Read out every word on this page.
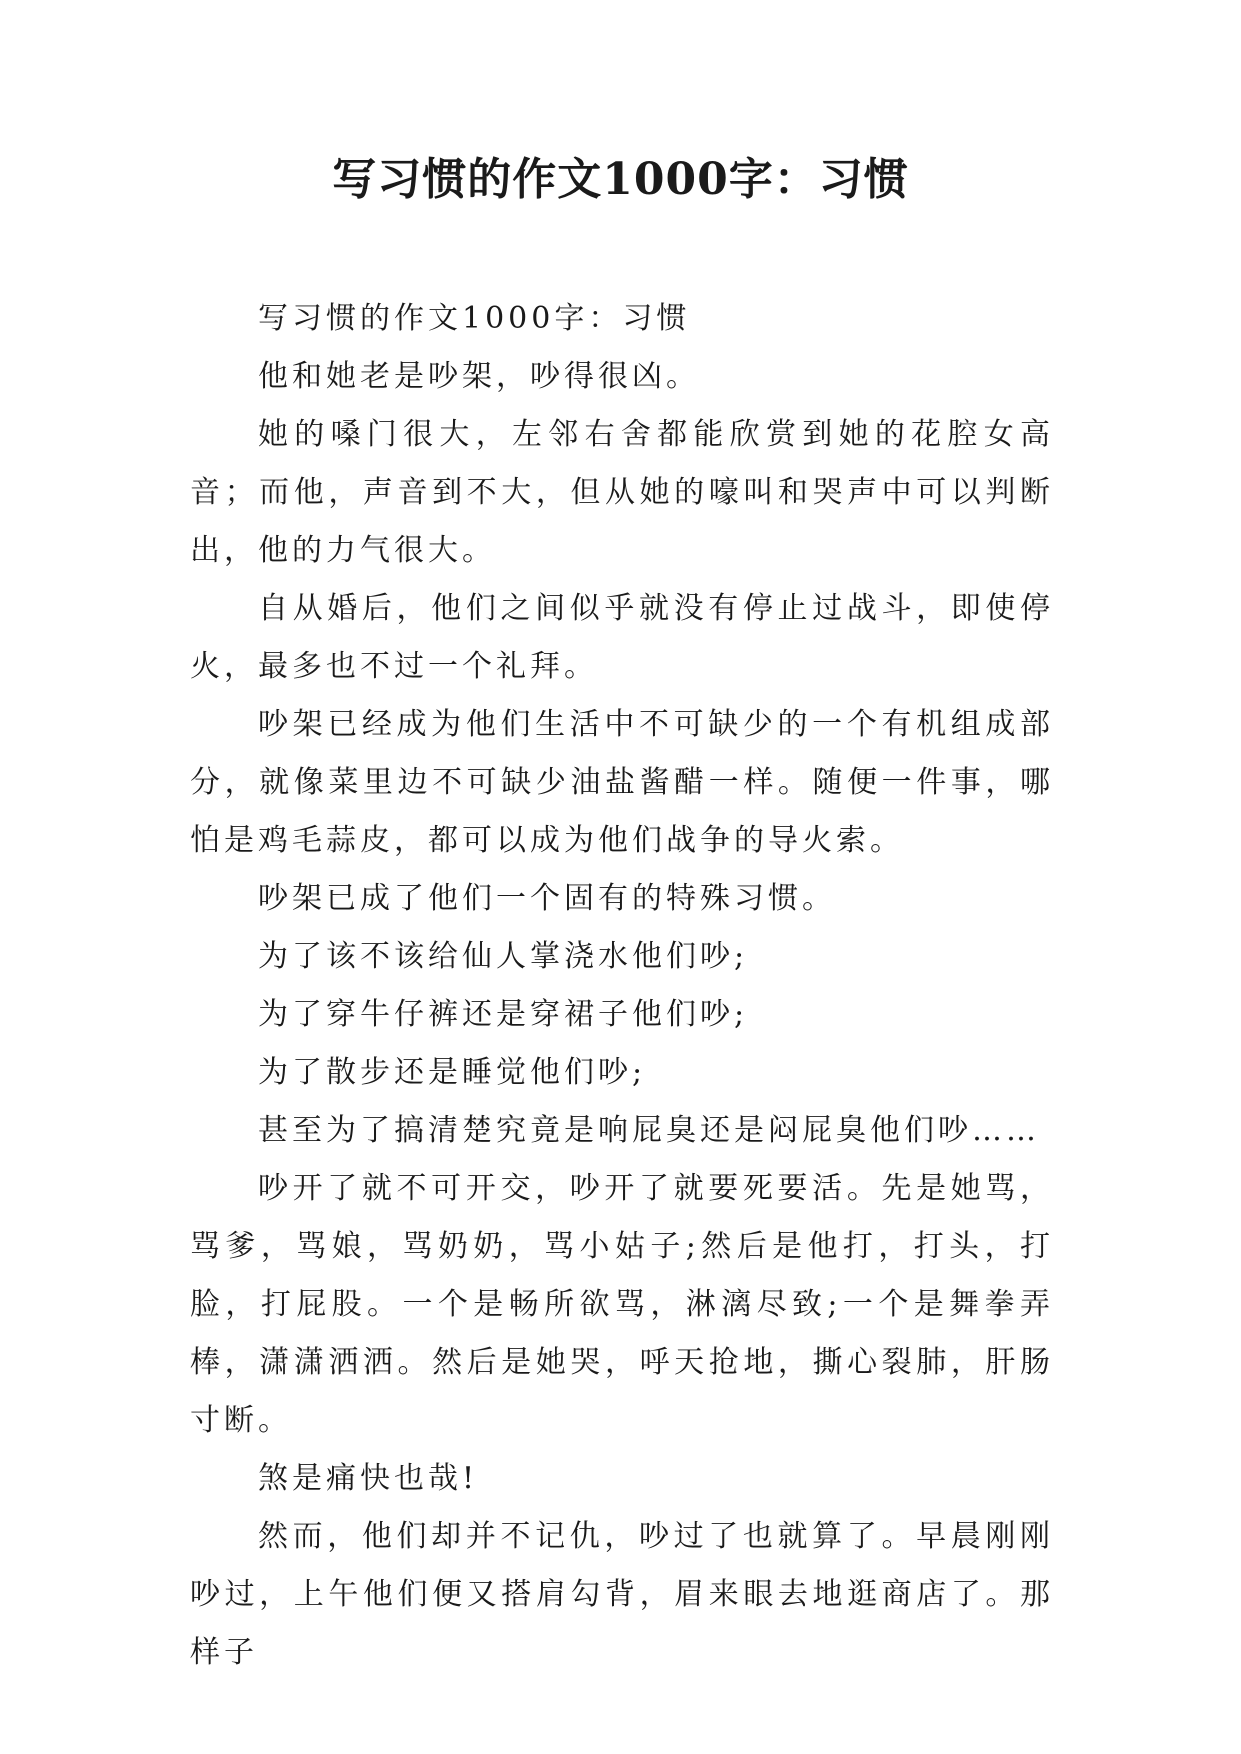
写习惯的作文1000字：习惯

写习惯的作文1000字：习惯

他和她老是吵架，吵得很凶。

她的嗓门很大，左邻右舍都能欣赏到她的花腔女高音；而他，声音到不大，但从她的嚎叫和哭声中可以判断出，他的力气很大。

自从婚后，他们之间似乎就没有停止过战斗，即使停火，最多也不过一个礼拜。

吵架已经成为他们生活中不可缺少的一个有机组成部分，就像菜里边不可缺少油盐酱醋一样。随便一件事，哪怕是鸡毛蒜皮，都可以成为他们战争的导火索。

吵架已成了他们一个固有的特殊习惯。

为了该不该给仙人掌浇水他们吵;

为了穿牛仔裤还是穿裙子他们吵;

为了散步还是睡觉他们吵;

甚至为了搞清楚究竟是响屁臭还是闷屁臭他们吵……

吵开了就不可开交，吵开了就要死要活。先是她骂，骂爹，骂娘，骂奶奶，骂小姑子;然后是他打，打头，打脸，打屁股。一个是畅所欲骂，淋漓尽致;一个是舞拳弄棒，潇潇洒洒。然后是她哭，呼天抢地，撕心裂肺，肝肠寸断。

煞是痛快也哉!

然而，他们却并不记仇，吵过了也就算了。早晨刚刚吵过，上午他们便又搭肩勾背，眉来眼去地逛商店了。那样子
